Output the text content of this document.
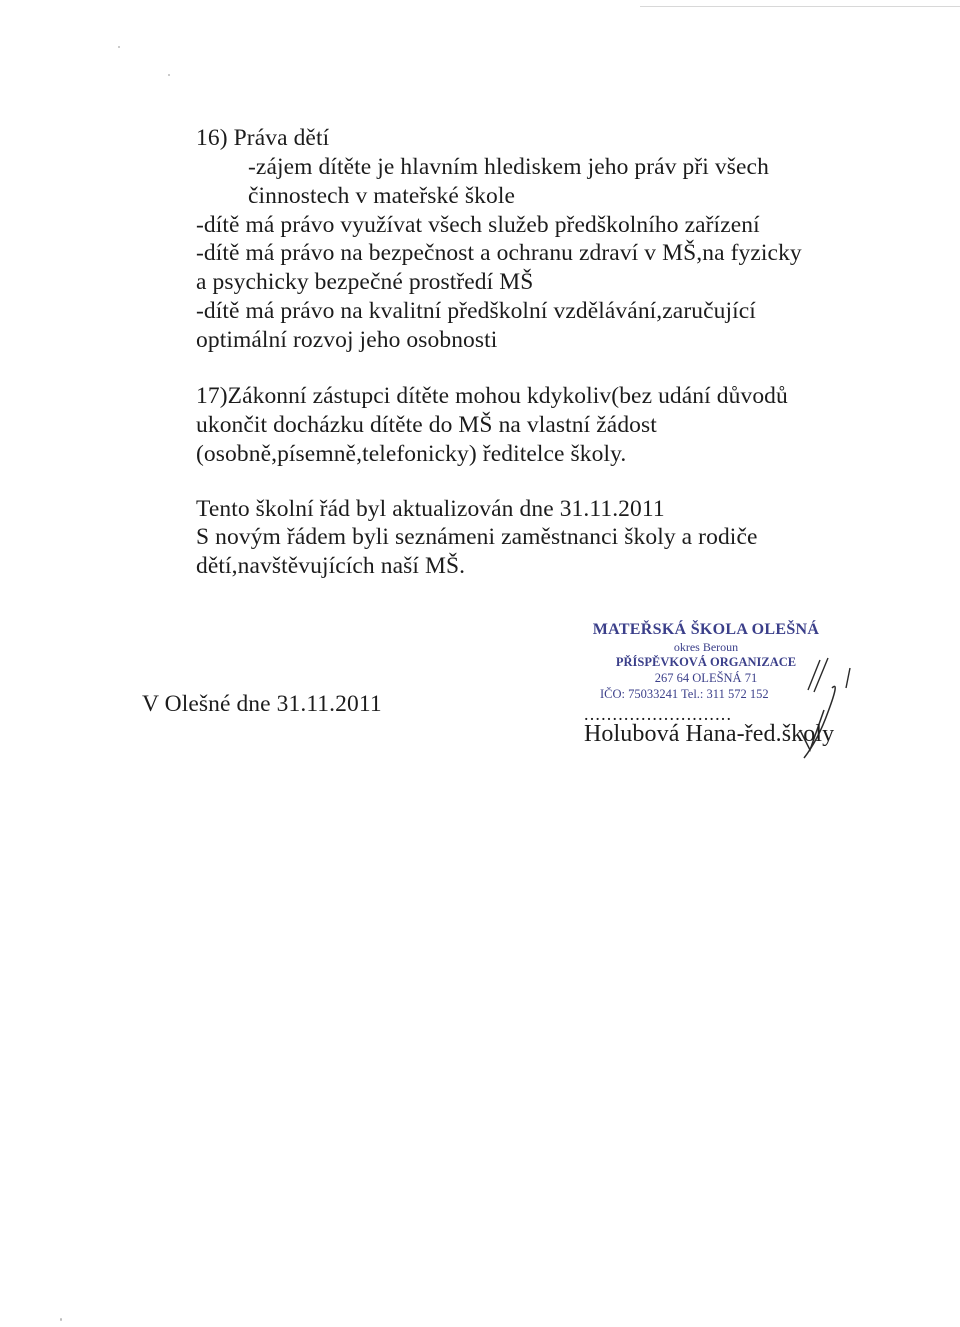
16) Práva dětí
-zájem dítěte je hlavním hlediskem jeho práv při všech
činnostech v mateřské škole
-dítě má právo využívat všech služeb předškolního zařízení
-dítě má právo na bezpečnost a ochranu zdraví v MŠ,na fyzicky
a psychicky bezpečné prostředí MŠ
-dítě má právo na kvalitní předškolní vzdělávání,zaručující
optimální rozvoj jeho osobnosti
17)Zákonní zástupci dítěte mohou kdykoliv(bez udání důvodů
ukončit docházku dítěte do MŠ na vlastní žádost
(osobně,písemně,telefonicky) ředitelce školy.
Tento školní řád byl aktualizován dne 31.11.2011
S novým řádem byli seznámeni zaměstnanci školy a rodiče
dětí,navštěvujících naší MŠ.
V Olešné dne 31.11.2011
MATEŘSKÁ ŠKOLA OLEŠNÁ
okres Beroun
PŘÍSPĚVKOVÁ ORGANIZACE
267 64 OLEŠNÁ 71
IČO: 75033241 Tel.: 311 572 152
..........................
Holubová Hana-řed.školy
